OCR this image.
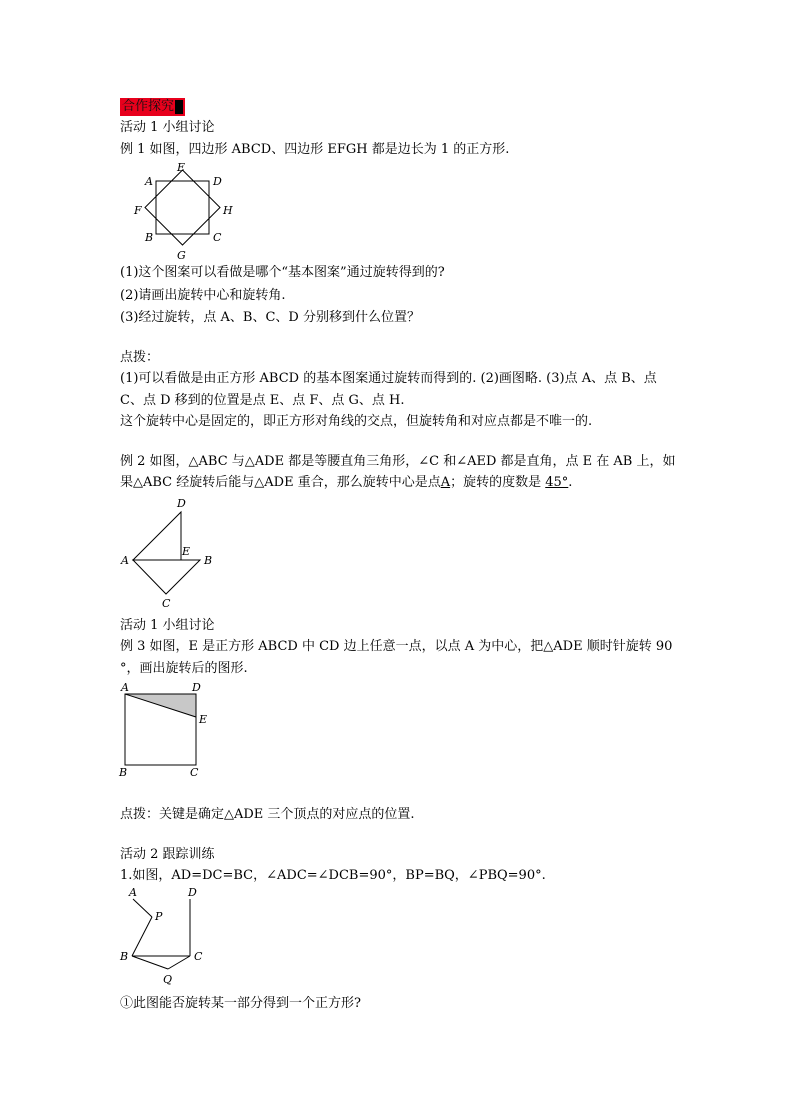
合作探究
活动 1 小组讨论
例 1 如图，四边形 ABCD、四边形 EFGH 都是边长为 1 的正方形.
A
E
D
F	H
B	C
G
(1)这个图案可以看做是哪个“基本图案”通过旋转得到的?
(2)请画出旋转中心和旋转角.
(3)经过旋转，点 A、B、C、D 分别移到什么位置？
点拨：
(1)可以看做是由正方形 ABCD 的基本图案通过旋转而得到的. (2)画图略. (3)点 A、点 B、点
C、点 D 移到的位置是点 E、点 F、点 G、点 H.
这个旋转中心是固定的，即正方形对角线的交点，但旋转角和对应点都是不唯一的.
例 2 如图，△ABC 与△ADE 都是等腰直角三角形，∠C 和∠AED 都是直角，点 E 在 AB 上，如
果△ABC 经旋转后能与△ADE 重合，那么旋转中心是点A；旋转的度数是 45°.
D
E
A	B
C
活动 1 小组讨论
例 3 如图，E 是正方形 ABCD 中 CD 边上任意一点，以点 A 为中心，把△ADE 顺时针旋转 90
°，画出旋转后的图形.
A	D
E
B	C
点拨：关键是确定△ADE 三个顶点的对应点的位置.
活动 2 跟踪训练
1.如图，AD=DC=BC，∠ADC=∠DCB=90°，BP=BQ，∠PBQ=90°.
A	D
P
B	C
Q
①此图能否旋转某一部分得到一个正方形?
